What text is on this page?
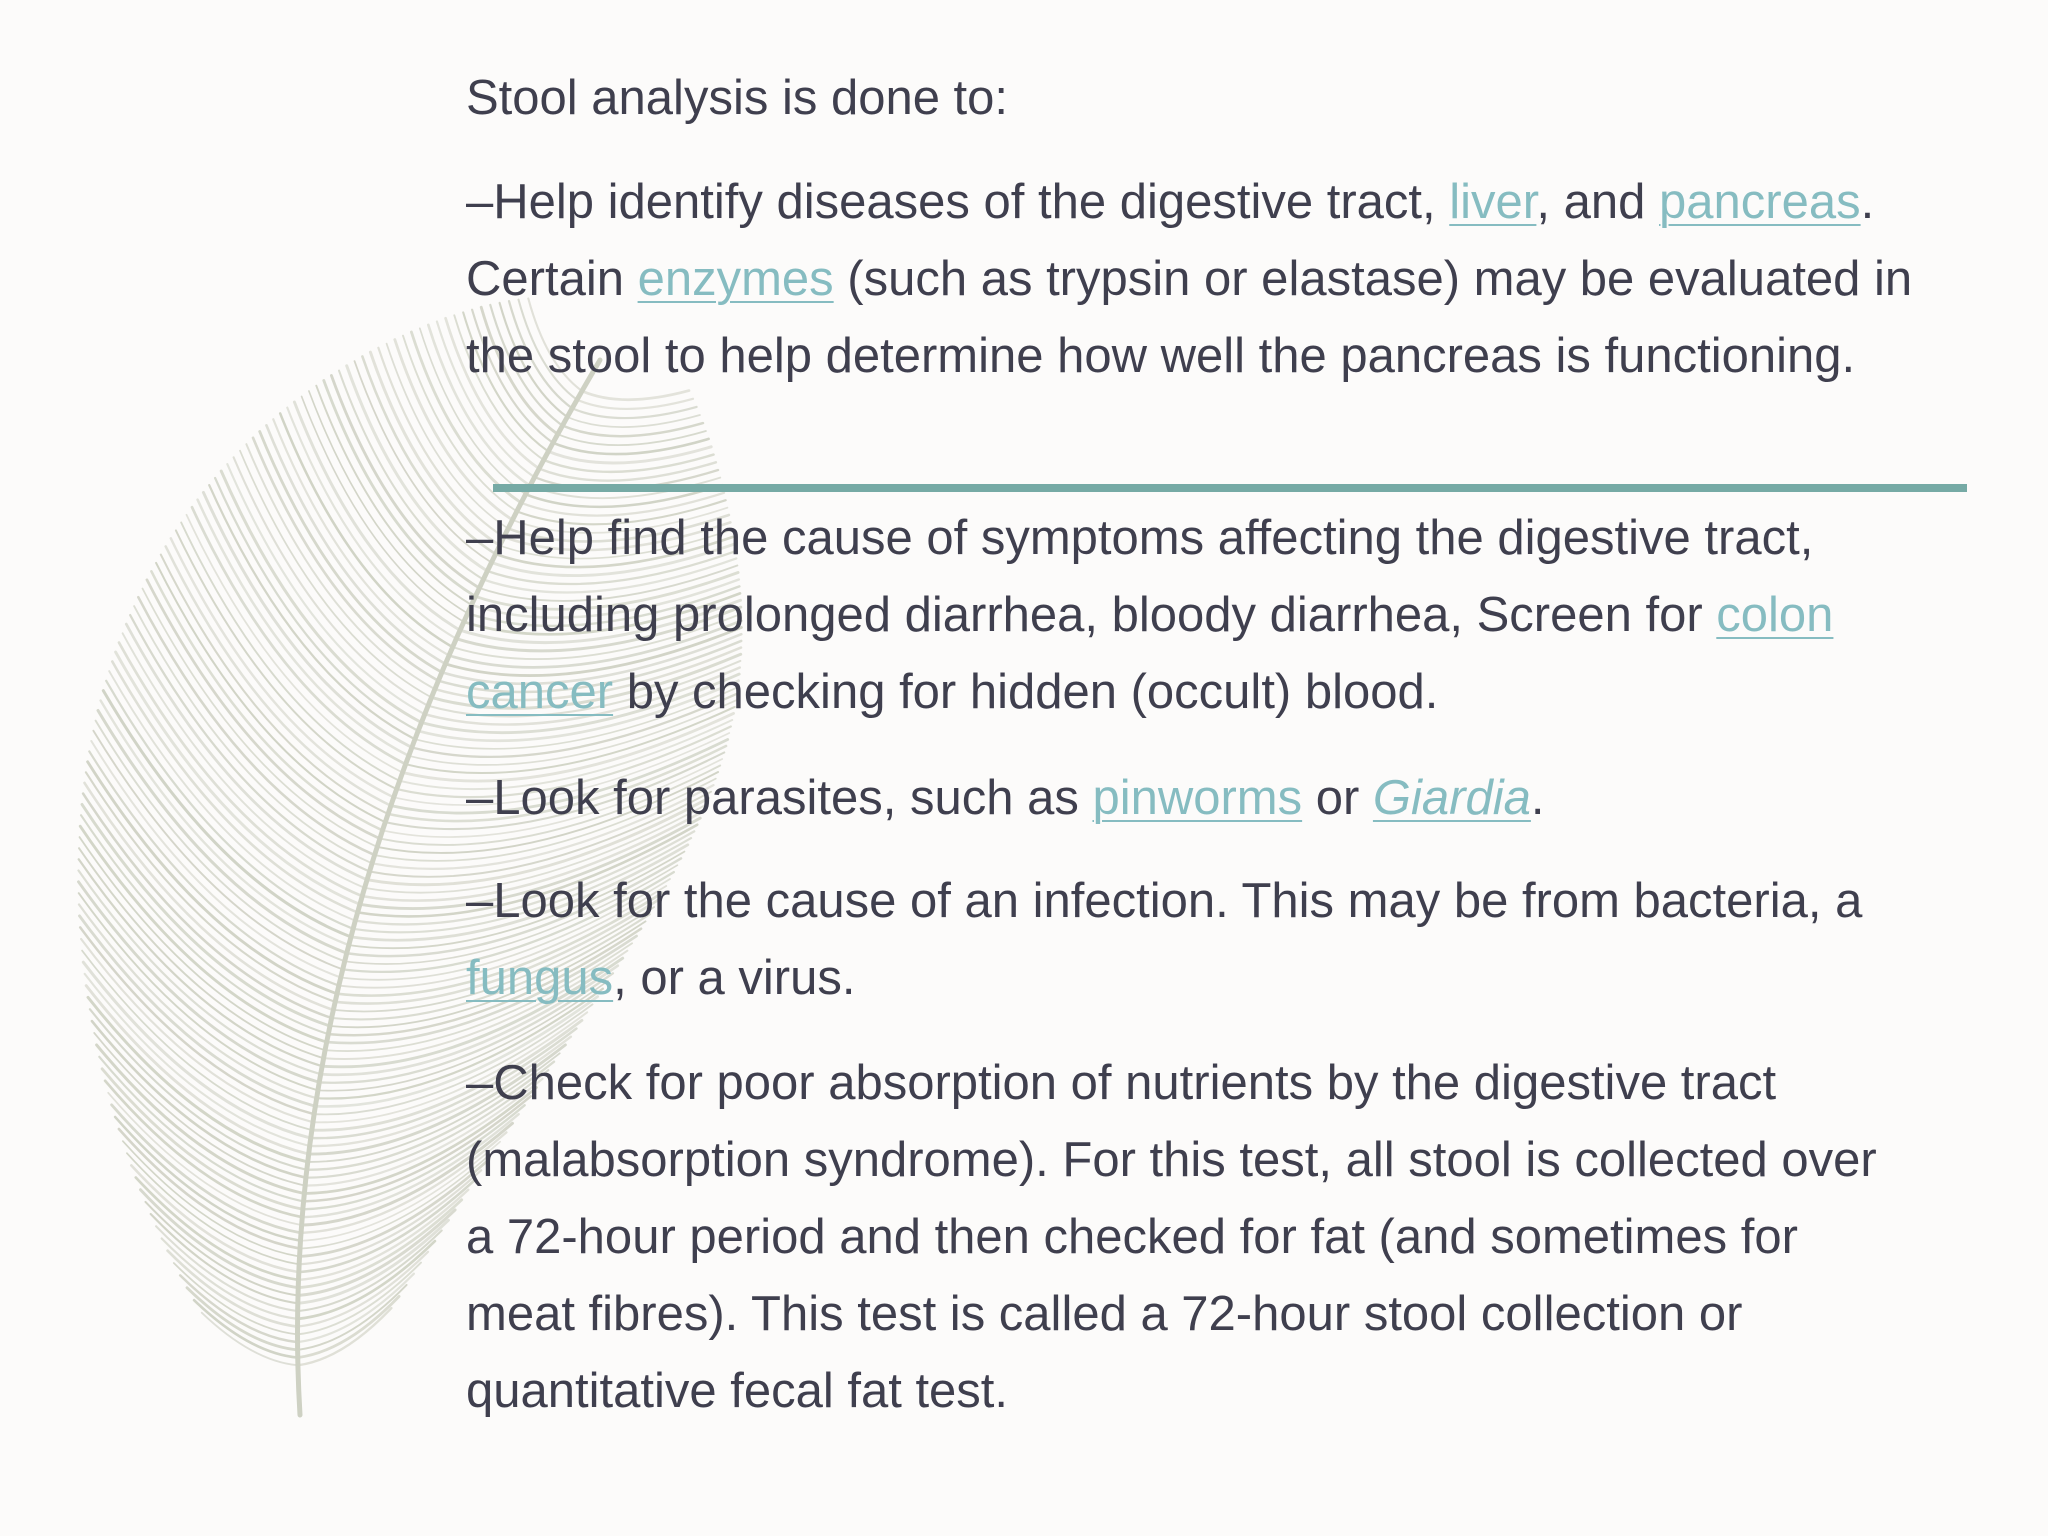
Stool analysis is done to:

–Help identify diseases of the digestive tract, liver, and pancreas. Certain enzymes (such as trypsin or elastase) may be evaluated in the stool to help determine how well the pancreas is functioning.

–Help find the cause of symptoms affecting the digestive tract, including prolonged diarrhea, bloody diarrhea, Screen for colon cancer by checking for hidden (occult) blood.

–Look for parasites, such as pinworms or Giardia.

–Look for the cause of an infection. This may be from bacteria, a fungus, or a virus.

–Check for poor absorption of nutrients by the digestive tract (malabsorption syndrome). For this test, all stool is collected over a 72-hour period and then checked for fat (and sometimes for meat fibres). This test is called a 72-hour stool collection or quantitative fecal fat test.
